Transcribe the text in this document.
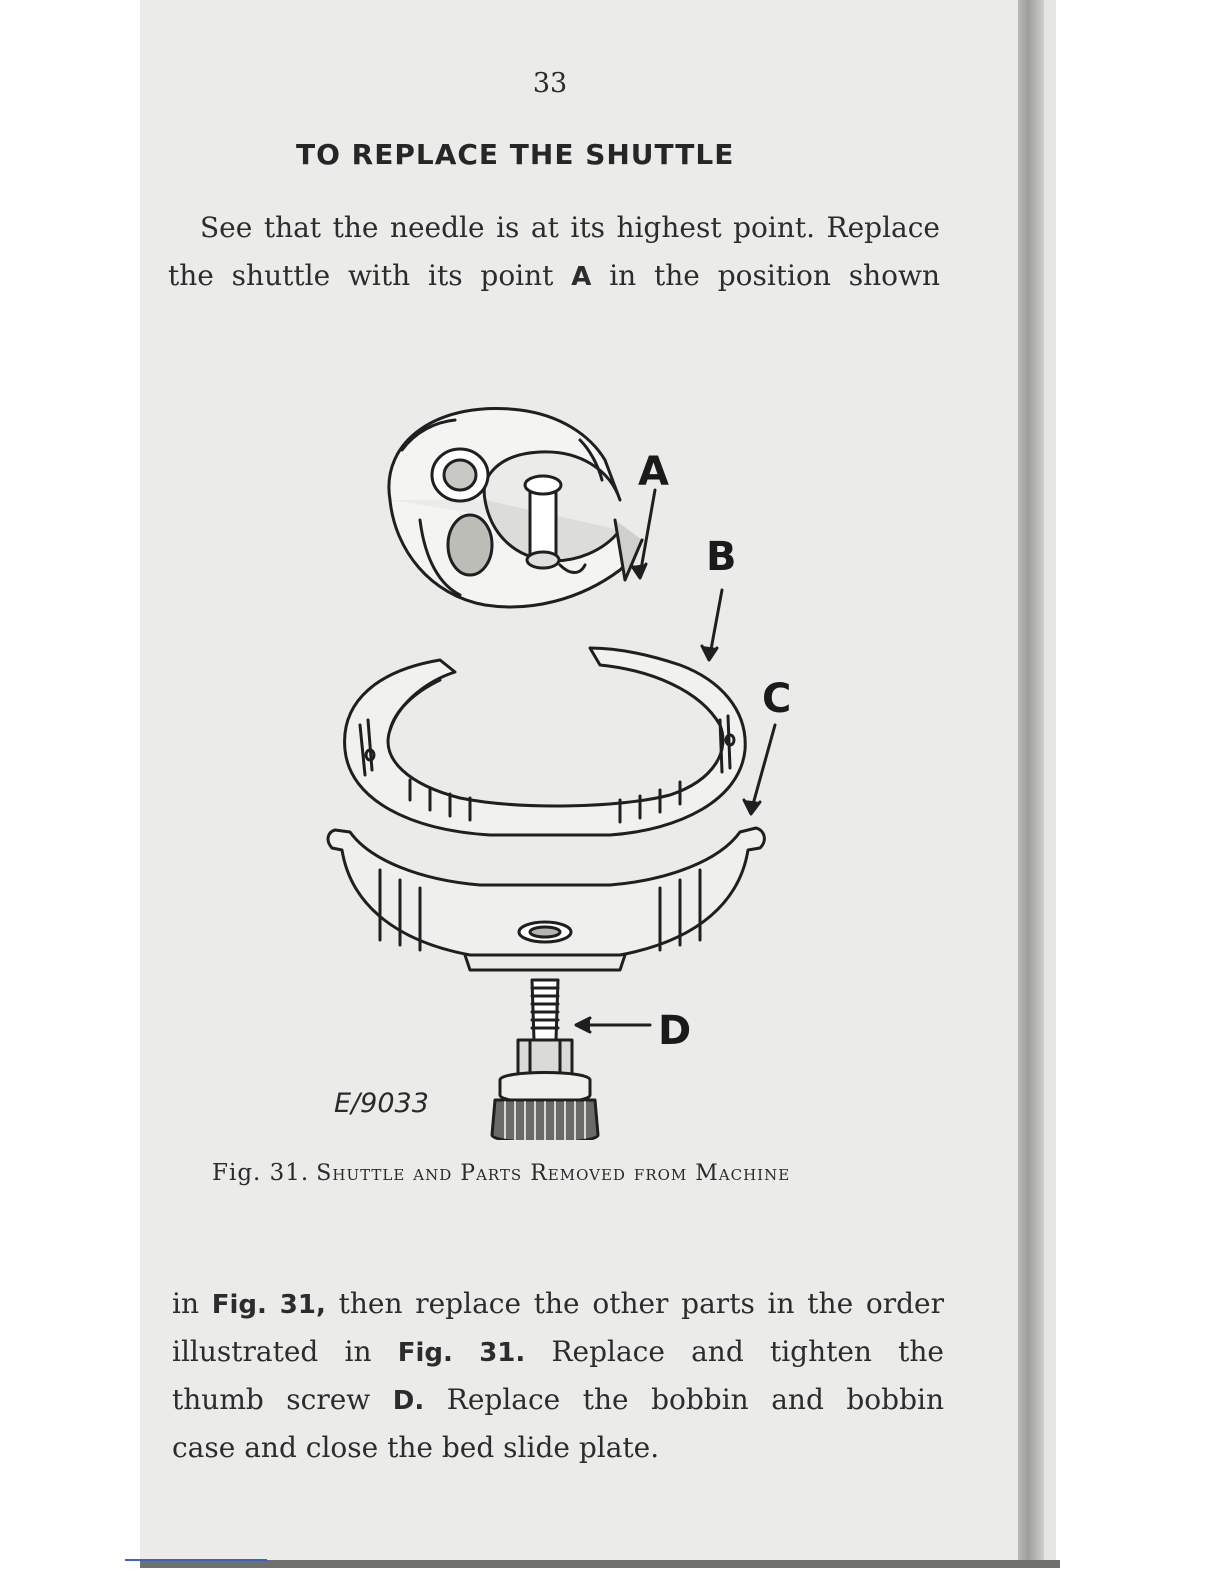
33
TO REPLACE THE SHUTTLE
See that the needle is at its highest point. Replace
the shuttle with its point A in the position shown
A
B
C
D
E/9033
Fig. 31. Shuttle and Parts Removed from Machine
in Fig. 31, then replace the other parts in the order
illustrated in Fig. 31. Replace and tighten the
thumb screw D. Replace the bobbin and bobbin
case and close the bed slide plate.
